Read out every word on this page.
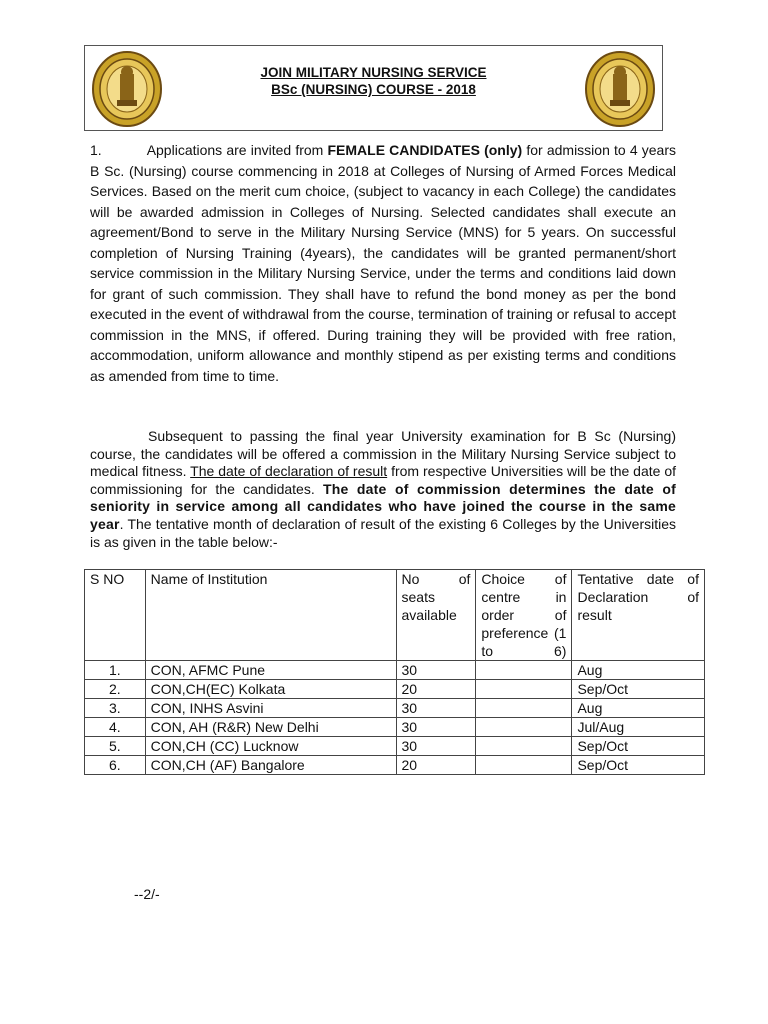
JOIN MILITARY NURSING SERVICE
BSc (NURSING) COURSE - 2018

1.	Applications are invited from FEMALE CANDIDATES (only) for admission to 4 years B Sc. (Nursing) course commencing in 2018 at Colleges of Nursing of Armed Forces Medical Services. Based on the merit cum choice, (subject to vacancy in each College) the candidates will be awarded admission in Colleges of Nursing. Selected candidates shall execute an agreement/Bond to serve in the Military Nursing Service (MNS) for 5 years. On successful completion of Nursing Training (4years), the candidates will be granted permanent/short service commission in the Military Nursing Service, under the terms and conditions laid down for grant of such commission. They shall have to refund the bond money as per the bond executed in the event of withdrawal from the course, termination of training or refusal to accept commission in the MNS, if offered. During training they will be provided with free ration, accommodation, uniform allowance and monthly stipend as per existing terms and conditions as amended from time to time.

Subsequent to passing the final year University examination for B Sc (Nursing) course, the candidates will be offered a commission in the Military Nursing Service subject to medical fitness. The date of declaration of result from respective Universities will be the date of commissioning for the candidates. The date of commission determines the date of seniority in service among all candidates who have joined the course in the same year. The tentative month of declaration of result of the existing 6 Colleges by the Universities is as given in the table below:-

S NO	Name of Institution	No of seats available	Choice of centre in order of preference (1 to 6)	Tentative date of Declaration of result
1.	CON, AFMC Pune	30		Aug
2.	CON,CH(EC) Kolkata	20		Sep/Oct
3.	CON, INHS Asvini	30		Aug
4.	CON, AH (R&R) New Delhi	30		Jul/Aug
5.	CON,CH (CC) Lucknow	30		Sep/Oct
6.	CON,CH (AF) Bangalore	20		Sep/Oct
--2/-
